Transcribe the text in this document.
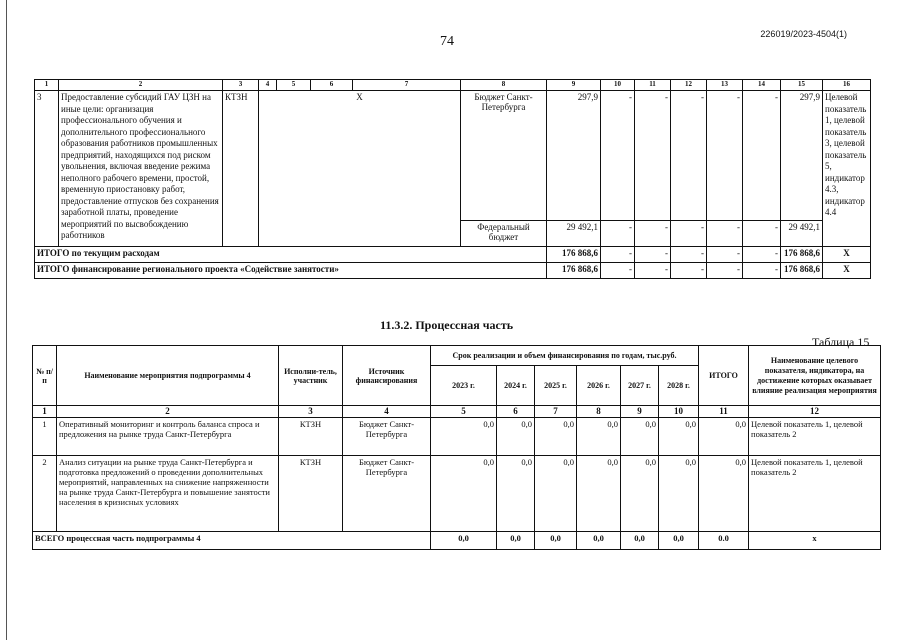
74	226019/2023-4504(1)
1	2	3	4	5	6	7	8	9	10	11	12	13	14	15	16
3	Предоставление субсидий ГАУ ЦЗН на иные цели: организация профессионального обучения и дополнительного профессионального образования работников промышленных предприятий, находящихся под риском увольнения, включая введение режима неполного рабочего времени, простой, временную приостановку работ, предоставление отпусков без сохранения заработной платы, проведение мероприятий по высвобождению работников	КТЗН	Х				Бюджет Санкт-Петербурга	297,9	-	-	-	-	-	297,9	Целевой показатель 1, целевой показатель 3, целевой показатель 5, индикатор 4.3, индикатор 4.4
							Федеральный бюджет	29 492,1	-	-	-	-	-	29 492,1	
ИТОГО по текущим расходам								176 868,6	-	-	-	-	-	176 868,6	Х
ИТОГО финансирование регионального проекта «Содействие занятости»								176 868,6	-	-	-	-	-	176 868,6	Х
11.3.2. Процессная часть
Таблица 15
№ п/п	Наименование мероприятия подпрограммы 4	Исполни-тель, участник	Источник финансирования	Срок реализации и объем финансирования по годам, тыс.руб.						ИТОГО	Наименование целевого показателя, индикатора, на достижение которых оказывает влияние реализация мероприятия
				2023 г.	2024 г.	2025 г.	2026 г.	2027 г.	2028 г.		
1	2	3	4	5	6	7	8	9	10	11	12
1	Оперативный мониторинг и контроль баланса спроса и предложения на рынке труда Санкт-Петербурга	КТЗН	Бюджет Санкт-Петербурга	0,0	0,0	0,0	0,0	0,0	0,0	0,0	Целевой показатель 1, целевой показатель 2
2	Анализ ситуации на рынке труда Санкт-Петербурга и подготовка предложений о проведении дополнительных мероприятий, направленных на снижение напряженности на рынке труда Санкт-Петербурга и повышение занятости населения в кризисных условиях	КТЗН	Бюджет Санкт-Петербурга	0,0	0,0	0,0	0,0	0,0	0,0	0,0	Целевой показатель 1, целевой показатель 2
ВСЕГО процессная часть подпрограммы 4				0,0	0,0	0,0	0,0	0,0	0,0	0.0	х
